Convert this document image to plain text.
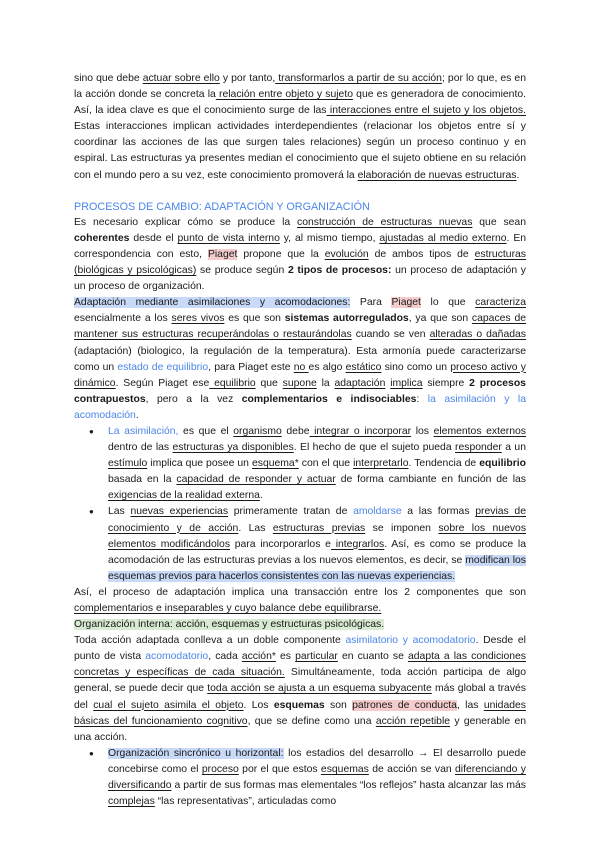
sino que debe actuar sobre ello y por tanto, transformarlos a partir de su acción; por lo que, es en la acción donde se concreta la relación entre objeto y sujeto que es generadora de conocimiento. Así, la idea clave es que el conocimiento surge de las interacciones entre el sujeto y los objetos. Estas interacciones implican actividades interdependientes (relacionar los objetos entre sí y coordinar las acciones de las que surgen tales relaciones) según un proceso continuo y en espiral. Las estructuras ya presentes median el conocimiento que el sujeto obtiene en su relación con el mundo pero a su vez, este conocimiento promoverá la elaboración de nuevas estructuras.

PROCESOS DE CAMBIO: ADAPTACIÓN Y ORGANIZACIÓN

Es necesario explicar cómo se produce la construcción de estructuras nuevas que sean coherentes desde el punto de vista interno y, al mismo tiempo, ajustadas al medio externo. En correspondencia con esto, Piaget propone que la evolución de ambos tipos de estructuras (biológicas y psicológicas) se produce según 2 tipos de procesos: un proceso de adaptación y un proceso de organización.

Adaptación mediante asimilaciones y acomodaciones: Para Piaget lo que caracteriza esencialmente a los seres vivos es que son sistemas autorregulados, ya que son capaces de mantener sus estructuras recuperándolas o restaurándolas cuando se ven alteradas o dañadas (adaptación) (biologico, la regulación de la temperatura). Esta armonía puede caracterizarse como un estado de equilibrio, para Piaget este no es algo estático sino como un proceso activo y dinámico. Según Piaget ese equilibrio que supone la adaptación implica siempre 2 procesos contrapuestos, pero a la vez complementarios e indisociables: la asimilación y la acomodación.

● La asimilación, es que el organismo debe integrar o incorporar los elementos externos dentro de las estructuras ya disponibles. El hecho de que el sujeto pueda responder a un estímulo implica que posee un esquema* con el que interpretarlo. Tendencia de equilibrio basada en la capacidad de responder y actuar de forma cambiante en función de las exigencias de la realidad externa.
● Las nuevas experiencias primeramente tratan de amoldarse a las formas previas de conocimiento y de acción. Las estructuras previas se imponen sobre los nuevos elementos modificándolos para incorporarlos e integrarlos. Así, es como se produce la acomodación de las estructuras previas a los nuevos elementos, es decir, se modifican los esquemas previos para hacerlos consistentes con las nuevas experiencias.

Así, el proceso de adaptación implica una transacción entre los 2 componentes que son complementarios e inseparables y cuyo balance debe equilibrarse.
Organización interna: acción, esquemas y estructuras psicológicas.

Toda acción adaptada conlleva a un doble componente asimilatorio y acomodatorio. Desde el punto de vista acomodatorio, cada acción* es particular en cuanto se adapta a las condiciones concretas y específicas de cada situación. Simultáneamente, toda acción participa de algo general, se puede decir que toda acción se ajusta a un esquema subyacente más global a través del cual el sujeto asimila el objeto. Los esquemas son patrones de conducta, las unidades básicas del funcionamiento cognitivo, que se define como una acción repetible y generable en una acción.

● Organización sincrónico u horizontal: los estadios del desarrollo → El desarrollo puede concebirse como el proceso por el que estos esquemas de acción se van diferenciando y diversificando a partir de sus formas mas elementales “los reflejos” hasta alcanzar las más complejas “las representativas”, articuladas como
